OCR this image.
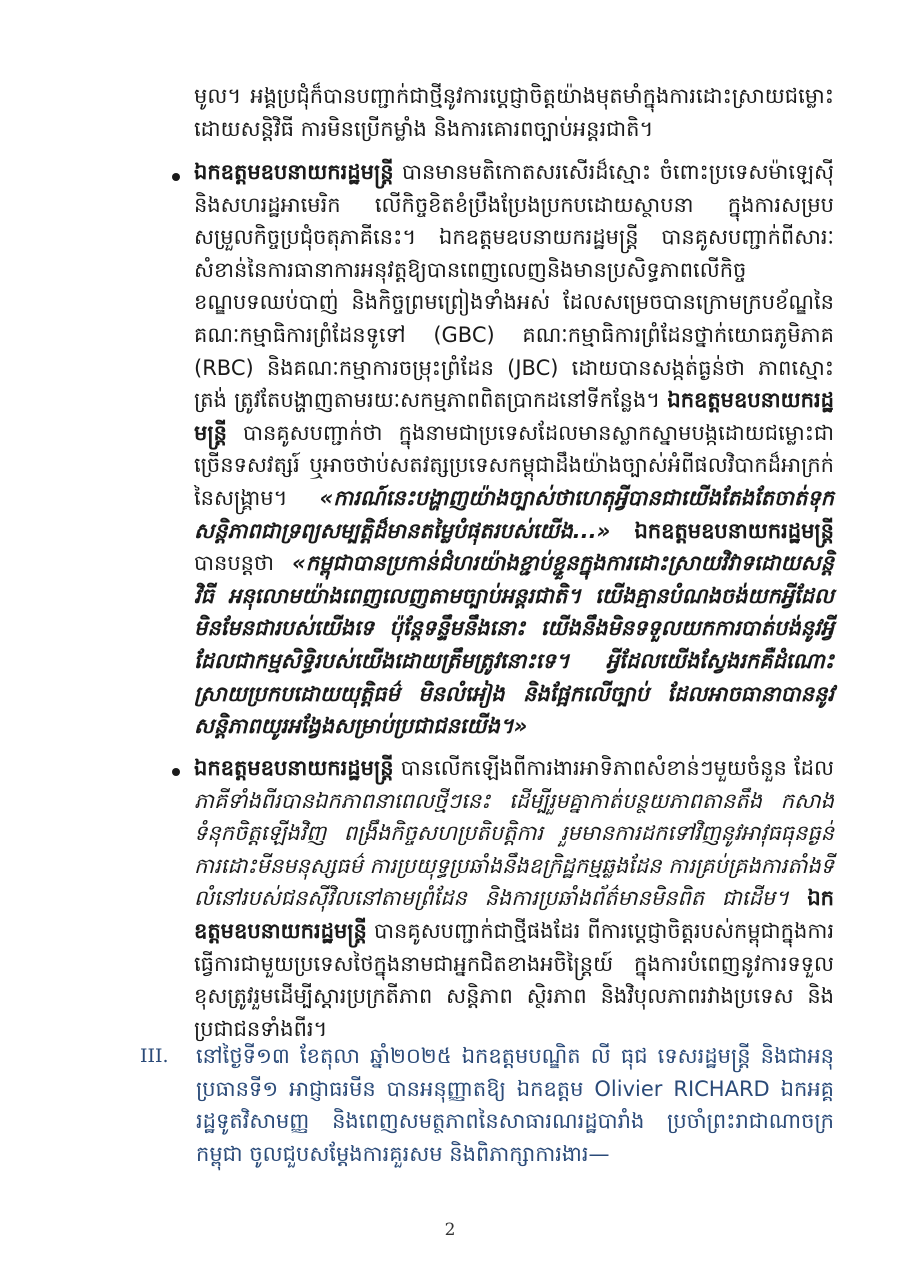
មូល។ អង្គប្រជុំក៏បានបញ្ជាក់ជាថ្មីនូវការប្តេជ្ញាចិត្តយ៉ាងមុតមាំក្នុងការដោះស្រាយជម្លោះដោយសន្តិវិធី ការមិនប្រើកម្លាំង និងការគោរពច្បាប់អន្តរជាតិ។

ឯកឧត្តមឧបនាយករដ្ឋមន្ត្រី បានមានមតិកោតសរសើរដ៏ស្មោះ ចំពោះប្រទេសម៉ាឡេស៊ីនិងសហរដ្ឋអាមេរិក លើកិច្ចខិតខំប្រឹងប្រែងប្រកបដោយស្ថាបនា ក្នុងការសម្របសម្រួលកិច្ចប្រជុំចតុភាគីនេះ។ ឯកឧត្តមឧបនាយករដ្ឋមន្ត្រី បានគូសបញ្ជាក់ពីសារៈសំខាន់នៃការធានាការអនុវត្តឱ្យបានពេញលេញនិងមានប្រសិទ្ធភាពលើកិច្ចខណ្ឌបទឈប់បាញ់ និងកិច្ចព្រមព្រៀងទាំងអស់ ដែលសម្រេចបានក្រោមក្របខ័ណ្ឌនៃគណៈកម្មាធិការព្រំដែនទូទៅ (GBC) គណៈកម្មាធិការព្រំដែនថ្នាក់យោធភូមិភាគ (RBC) និងគណៈកម្មាការចម្រុះព្រំដែន (JBC) ដោយបានសង្កត់ធ្ងន់ថា ភាពស្មោះត្រង់ ត្រូវតែបង្ហាញតាមរយៈសកម្មភាពពិតប្រាកដនៅទីកន្លែង។ ឯកឧត្តមឧបនាយករដ្ឋមន្ត្រី បានគូសបញ្ជាក់ថា ក្នុងនាមជាប្រទេសដែលមានស្លាកស្នាមបង្កដោយជម្លោះជាច្រើនទសវត្សរ៍ ឬអាចថាប់សតវត្សប្រទេសកម្ពុជាដឹងយ៉ាងច្បាស់អំពីផលវិបាកដ៏អាក្រក់នៃសង្គ្រាម។ «ការណ៍នេះបង្ហាញយ៉ាងច្បាស់ថាហេតុអ្វីបានជាយើងតែងតែចាត់ទុកសន្តិភាពជាទ្រព្យសម្បត្តិដ៏មានតម្លៃបំផុតរបស់យើង...» ឯកឧត្តមឧបនាយករដ្ឋមន្ត្រី បានបន្តថា «កម្ពុជាបានប្រកាន់ជំហរយ៉ាងខ្ជាប់ខ្ជួនក្នុងការដោះស្រាយវិវាទដោយសន្តិវិធី អនុលោមយ៉ាងពេញលេញតាមច្បាប់អន្តរជាតិ។ យើងគ្មានបំណងចង់យកអ្វីដែលមិនមែនជារបស់យើងទេ ប៉ុន្តែទន្ទឹមនឹងនោះ យើងនឹងមិនទទួលយកការបាត់បង់នូវអ្វីដែលជាកម្មសិទ្ធិរបស់យើងដោយត្រឹមត្រូវនោះទេ។ អ្វីដែលយើងស្វែងរកគឺដំណោះស្រាយប្រកបដោយយុត្តិធម៌ មិនលំអៀង និងផ្អែកលើច្បាប់ ដែលអាចធានាបាននូវសន្តិភាពយូរអង្វែងសម្រាប់ប្រជាជនយើង។»

ឯកឧត្តមឧបនាយករដ្ឋមន្ត្រី បានលើកឡើងពីការងារអាទិភាពសំខាន់ៗមួយចំនួន ដែលភាគីទាំងពីរបានឯកភាពនាពេលថ្មីៗនេះ ដើម្បីរួមគ្នាកាត់បន្ថយភាពតានតឹង កសាងទំនុកចិត្តឡើងវិញ ពង្រឹងកិច្ចសហប្រតិបត្តិការ រួមមានការដកទៅវិញនូវអាវុធធុនធ្ងន់ ការដោះមីនមនុស្សធម៌ ការប្រយុទ្ធប្រឆាំងនឹងឧក្រិដ្ឋកម្មឆ្លងដែន ការគ្រប់គ្រងការតាំងទីលំនៅរបស់ជនស៊ីវិលនៅតាមព្រំដែន និងការប្រឆាំងព័ត៌មានមិនពិត ជាដើម។ ឯកឧត្តមឧបនាយករដ្ឋមន្ត្រី បានគូសបញ្ជាក់ជាថ្មីផងដែរ ពីការប្តេជ្ញាចិត្តរបស់កម្ពុជាក្នុងការធ្វើការជាមួយប្រទេសថៃក្នុងនាមជាអ្នកជិតខាងអចិន្ត្រៃយ៍ ក្នុងការបំពេញនូវការទទួលខុសត្រូវរួមដើម្បីស្តារប្រក្រតីភាព សន្តិភាព ស្ថិរភាព និងវិបុលភាពរវាងប្រទេស និងប្រជាជនទាំងពីរ។

III. នៅថ្ងៃទី១៣ ខែតុលា ឆ្នាំ២០២៥ ឯកឧត្តមបណ្ឌិត លី ធុជ ទេសរដ្ឋមន្ត្រី និងជាអនុប្រធានទី១ អាជ្ញាធរមីន បានអនុញ្ញាតឱ្យ ឯកឧត្តម Olivier RICHARD ឯកអគ្គរដ្ឋទូតវិសាមញ្ញ និងពេញសមត្ថភាពនៃសាធារណរដ្ឋបារាំង ប្រចាំព្រះរាជាណាចក្រកម្ពុជា ចូលជួបសម្តែងការគួរសម និងពិភាក្សាការងារ—

2
